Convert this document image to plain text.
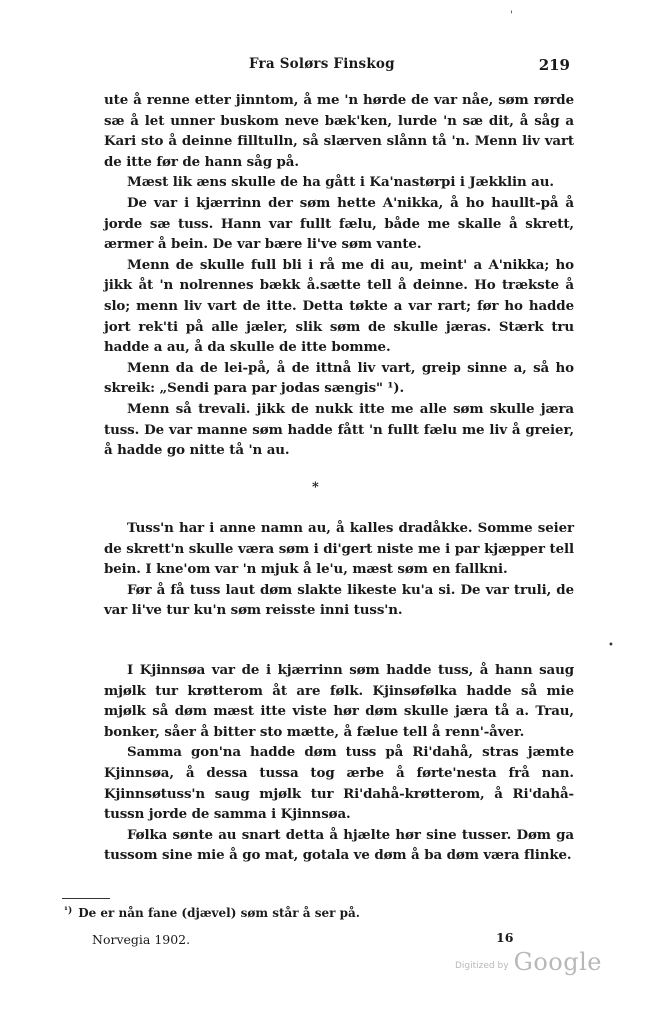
'
Fra Solørs Finskog	219

ute å renne etter jinntom, å me 'n hørde de var nåe, søm rørde sæ å let unner buskom neve bæk'ken, lurde 'n sæ dit, å såg a Kari sto å deinne filltulln, så slærven slånn tå 'n. Menn liv vart de itte før de hann såg på.

Mæst lik æns skulle de ha gått i Ka'nastørpi i Jækklin au.

De var i kjærrinn der søm hette A'nikka, å ho haullt-på å jorde sæ tuss. Hann var fullt fælu, både me skalle å skrett, ærmer å bein. De var bære li've søm vante.

Menn de skulle full bli i rå me di au, meint' a A'nikka; ho jikk åt 'n nolrennes bækk å.sætte tell å deinne. Ho trækste å slo; menn liv vart de itte. Detta tøkte a var rart; før ho hadde jort rek'ti på alle jæler, slik søm de skulle jæras. Stærk tru hadde a au, å da skulle de itte bomme.

Menn da de lei-på, å de ittnå liv vart, greip sinne a, så ho skreik: „Sendi para par jodas sængis" ¹).

Menn så trevali. jikk de nukk itte me alle søm skulle jæra tuss. De var manne søm hadde fått 'n fullt fælu me liv å greier, å hadde go nitte tå 'n au.

*

Tuss'n har i anne namn au, å kalles dradåkke. Somme seier de skrett'n skulle væra søm i di'gert niste me i par kjæpper tell bein. I kne'om var 'n mjuk å le'u, mæst søm en fallkni.

Før å få tuss laut døm slakte likeste ku'a si. De var truli, de var li've tur ku'n søm reisste inni tuss'n.

•

I Kjinnsøa var de i kjærrinn søm hadde tuss, å hann saug mjølk tur krøtterom åt are følk. Kjinsøfølka hadde så mie mjølk så døm mæst itte viste hør døm skulle jæra tå a. Trau, bonker, såer å bitter sto mætte, å fælue tell å renn'-åver.

Samma gon'na hadde døm tuss på Ri'dahå, stras jæmte Kjinnsøa, å dessa tussa tog ærbe å førte'nesta frå nan. Kjinnsøtuss'n saug mjølk tur Ri'dahå-krøtterom, å Ri'dahå-tussn jorde de samma i Kjinnsøa.

Følka sønte au snart detta å hjælte hør sine tusser. Døm ga tussom sine mie å go mat, gotala ve døm å ba døm væra flinke.

$^{^1)}$ De er nån fane (djævel) søm står å ser på.
Norvegia 1902.	16
Digitized by Google
